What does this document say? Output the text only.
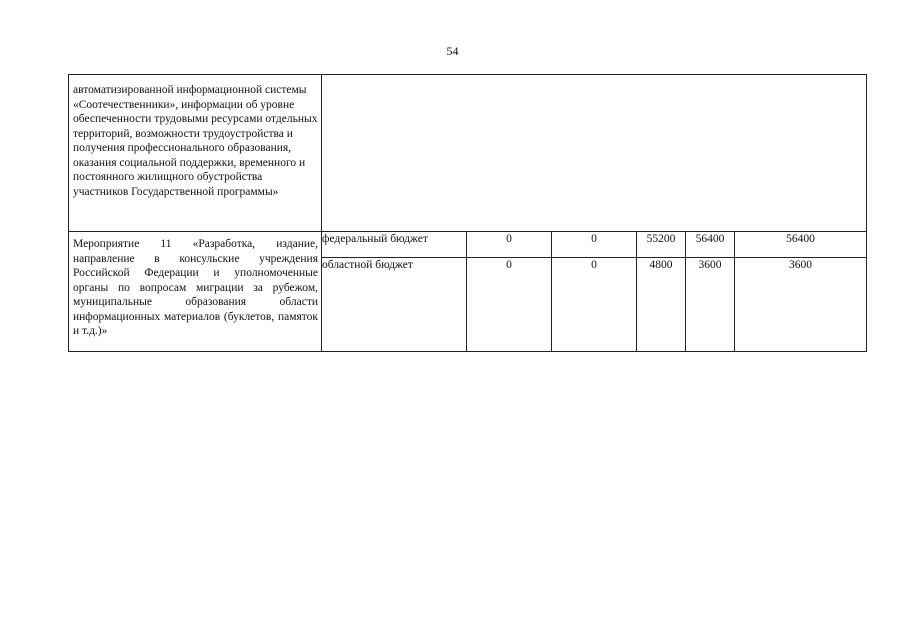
54
автоматизированной информационной системы «Соотечественники», информации об уровне обеспеченности трудовыми ресурсами отдельных территорий, возможности трудоустройства и получения профессионального образования, оказания социальной поддержки, временного и постоянного жилищного обустройства участников Государственной программы»						

Мероприятие 11 «Разработка, издание, направление в консульские учреждения Российской Федерации и уполномоченные органы по вопросам миграции за рубежом, муниципальные образования области информационных материалов (буклетов, памяток и т.д.)»	федеральный бюджет	0	0	55200	56400	56400
	областной бюджет	0	0	4800	3600	3600
